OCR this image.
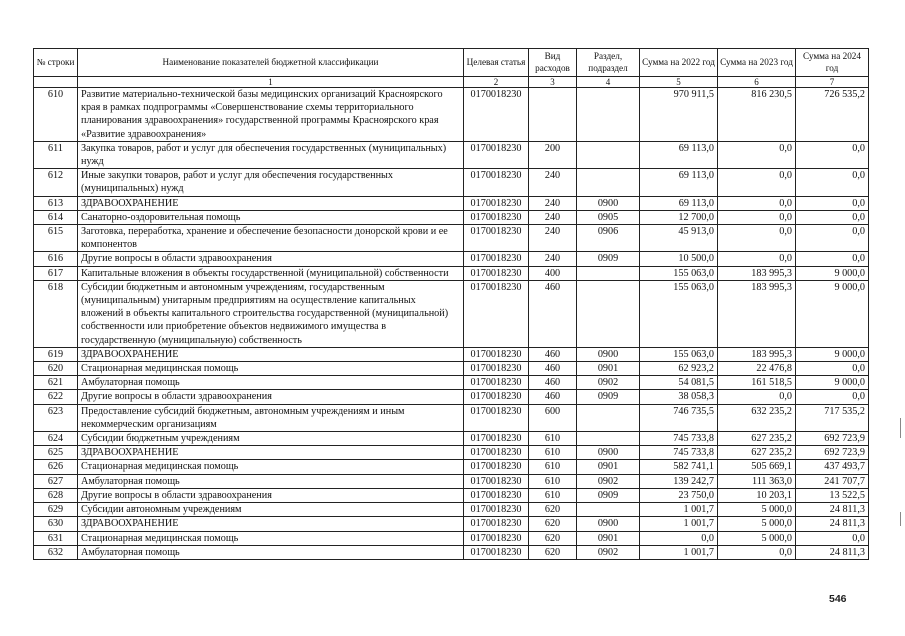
№ строки	Наименование показателей бюджетной классификации	Целевая статья	Вид расходов	Раздел, подраздел	Сумма на 2022 год	Сумма на 2023 год	Сумма на 2024 год
	1	2	3	4	5	6	7
610	Развитие материально-технической базы медицинских организаций Красноярского края в рамках подпрограммы «Совершенствование схемы территориального планирования здравоохранения» государственной программы Красноярского края «Развитие здравоохранения»	0170018230			970 911,5	816 230,5	726 535,2
611	Закупка товаров, работ и услуг для обеспечения государственных (муниципальных) нужд	0170018230	200		69 113,0	0,0	0,0
612	Иные закупки товаров, работ и услуг для обеспечения государственных (муниципальных) нужд	0170018230	240		69 113,0	0,0	0,0
613	ЗДРАВООХРАНЕНИЕ	0170018230	240	0900	69 113,0	0,0	0,0
614	Санаторно-оздоровительная помощь	0170018230	240	0905	12 700,0	0,0	0,0
615	Заготовка, переработка, хранение и обеспечение безопасности донорской крови и ее компонентов	0170018230	240	0906	45 913,0	0,0	0,0
616	Другие вопросы в области здравоохранения	0170018230	240	0909	10 500,0	0,0	0,0
617	Капитальные вложения в объекты государственной (муниципальной) собственности	0170018230	400		155 063,0	183 995,3	9 000,0
618	Субсидии бюджетным и автономным учреждениям, государственным (муниципальным) унитарным предприятиям на осуществление капитальных вложений в объекты капитального строительства государственной (муниципальной) собственности или приобретение объектов недвижимого имущества в государственную (муниципальную) собственность	0170018230	460		155 063,0	183 995,3	9 000,0
619	ЗДРАВООХРАНЕНИЕ	0170018230	460	0900	155 063,0	183 995,3	9 000,0
620	Стационарная медицинская помощь	0170018230	460	0901	62 923,2	22 476,8	0,0
621	Амбулаторная помощь	0170018230	460	0902	54 081,5	161 518,5	9 000,0
622	Другие вопросы в области здравоохранения	0170018230	460	0909	38 058,3	0,0	0,0
623	Предоставление субсидий бюджетным, автономным учреждениям и иным некоммерческим организациям	0170018230	600		746 735,5	632 235,2	717 535,2
624	Субсидии бюджетным учреждениям	0170018230	610		745 733,8	627 235,2	692 723,9
625	ЗДРАВООХРАНЕНИЕ	0170018230	610	0900	745 733,8	627 235,2	692 723,9
626	Стационарная медицинская помощь	0170018230	610	0901	582 741,1	505 669,1	437 493,7
627	Амбулаторная помощь	0170018230	610	0902	139 242,7	111 363,0	241 707,7
628	Другие вопросы в области здравоохранения	0170018230	610	0909	23 750,0	10 203,1	13 522,5
629	Субсидии автономным учреждениям	0170018230	620		1 001,7	5 000,0	24 811,3
630	ЗДРАВООХРАНЕНИЕ	0170018230	620	0900	1 001,7	5 000,0	24 811,3
631	Стационарная медицинская помощь	0170018230	620	0901	0,0	5 000,0	0,0
632	Амбулаторная помощь	0170018230	620	0902	1 001,7	0,0	24 811,3
546
